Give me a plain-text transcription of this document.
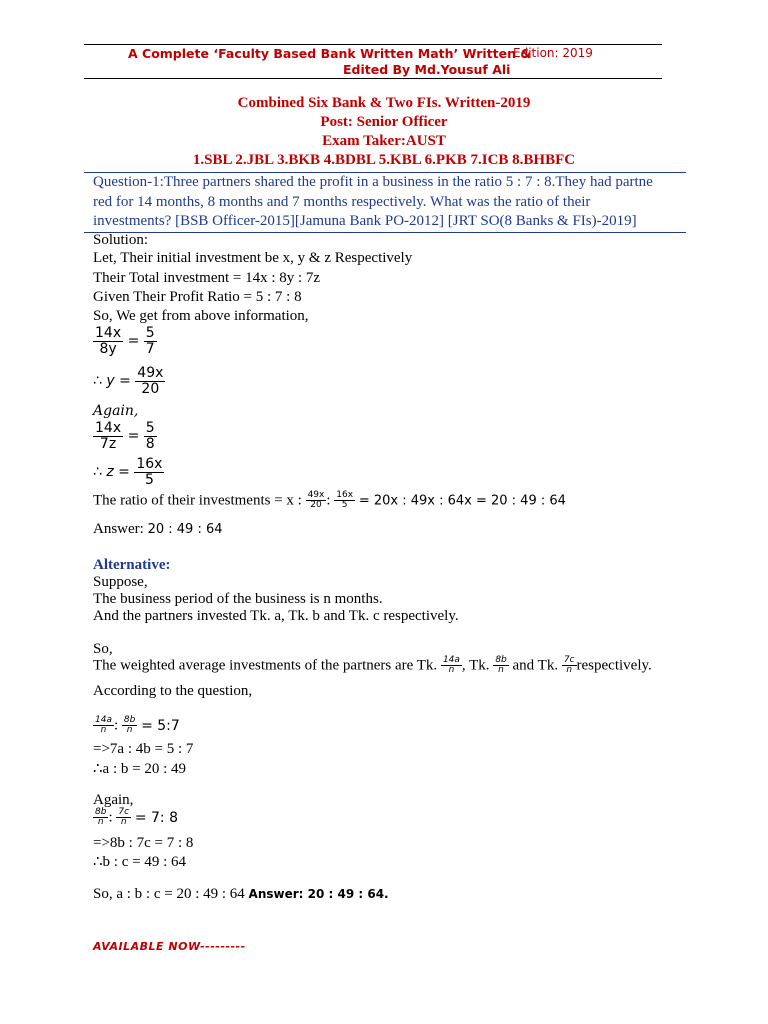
A Complete ‘Faculty Based Bank Written Math’ Written &
Edition: 2019
Edited By Md.Yousuf Ali
Combined Six Bank & Two FIs. Written-2019
Post: Senior Officer
Exam Taker:AUST
1.SBL 2.JBL 3.BKB 4.BDBL 5.KBL 6.PKB 7.ICB 8.BHBFC
Question-1:Three partners shared the profit in a business in the ratio 5 : 7 : 8.They had partne
red for 14 months, 8 months and 7 months respectively. What was the ratio of their
investments? [BSB Officer-2015][Jamuna Bank PO-2012] [JRT SO(8 Banks & FIs)-2019]
Solution:
Let, Their initial investment be x, y & z Respectively
Their Total investment = 14x : 8y : 7z
Given Their Profit Ratio = 5 : 7 : 8
So, We get from above information,
$\frac{14x}{8y} = \frac{5}{7}$
∴ $y = \frac{49x}{20}$
Again,
$\frac{14x}{7z} = \frac{5}{8}$
∴ $z = \frac{16x}{5}$
The ratio of their investments = x : $\frac{49x}{20}$ : $\frac{16x}{5} = 20x$ : 49x : 64x = 20 : 49 : 64
Answer: 20 : 49 : 64
Alternative:
Suppose,
The business period of the business is n months.
And the partners invested Tk. a, Tk. b and Tk. c respectively.
So,
The weighted average investments of the partners are Tk. $\frac{14a}{n}$ , Tk. $\frac{8b}{n}$ and Tk. $\frac{7c}{n}$ respectively.
According to the question,
$\frac{14a}{n}$ : $\frac{8b}{n}$ = 5:7
=>7a : 4b = 5 : 7
∴a : b = 20 : 49
Again,
$\frac{8b}{n}$ : $\frac{7c}{n} = 7$: 8
=>8b : 7c = 7 : 8
∴b : c = 49 : 64
So, a : b : c = 20 : 49 : 64 Answer: 20 : 49 : 64.
AVAILABLE NOW---------
